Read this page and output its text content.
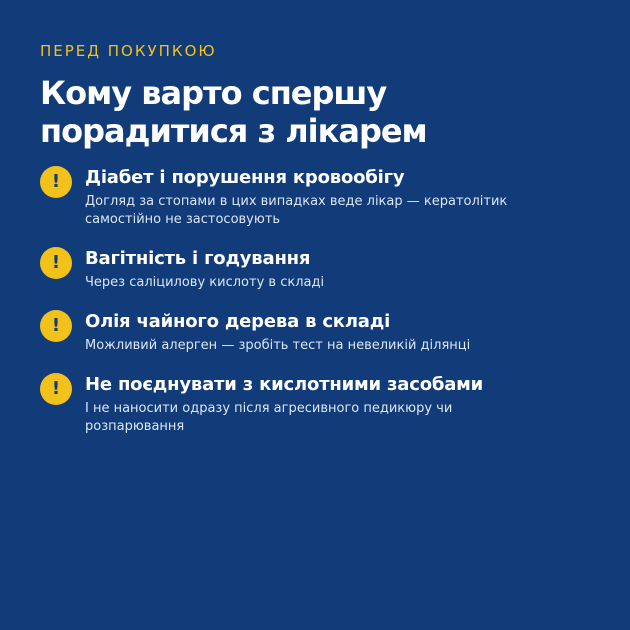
ПЕРЕД ПОКУПКОЮ

Кому варто спершу
порадитися з лікарем
!	Діабет і порушення кровообігу

Догляд за стопами в цих випадках веде лікар — кератолітик самостійно не застосовують

!	Вагітність і годування

Через саліцилову кислоту в складі

!	Олія чайного дерева в складі

Можливий алерген — зробіть тест на невеликій ділянці

!	Не поєднувати з кислотними засобами

І не наносити одразу після агресивного педикюру чи розпарювання
